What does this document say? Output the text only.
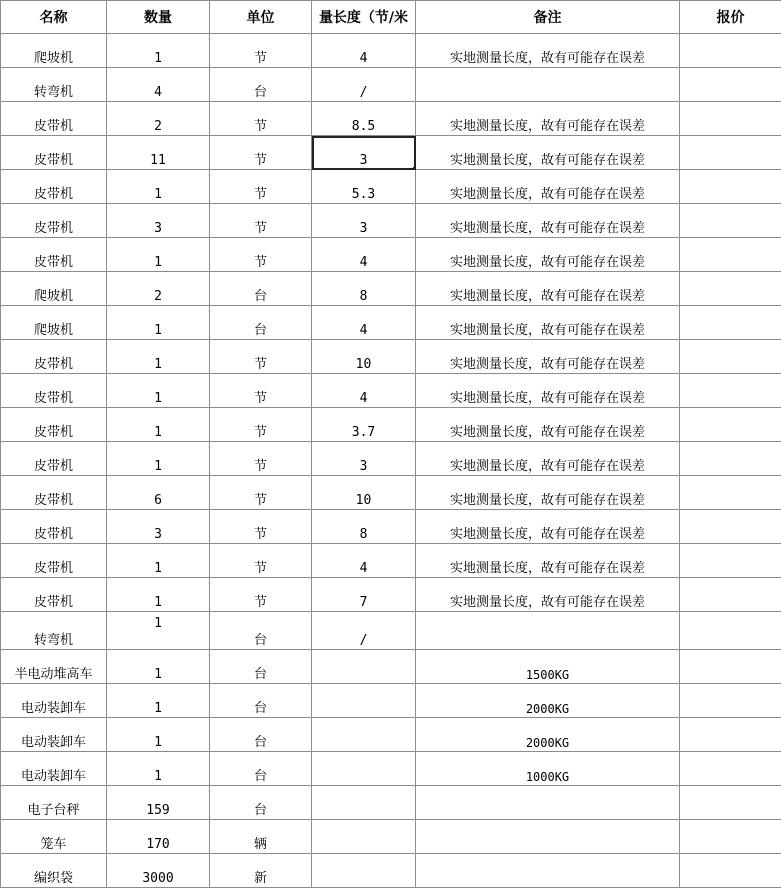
名称	数量	单位	量长度（节/米	备注	报价
爬坡机	1	节	4	实地测量长度，故有可能存在误差	
转弯机	4	台	/		
皮带机	2	节	8.5	实地测量长度，故有可能存在误差	
皮带机	11	节	3	实地测量长度，故有可能存在误差	
皮带机	1	节	5.3	实地测量长度，故有可能存在误差	
皮带机	3	节	3	实地测量长度，故有可能存在误差	
皮带机	1	节	4	实地测量长度，故有可能存在误差	
爬坡机	2	台	8	实地测量长度，故有可能存在误差	
爬坡机	1	台	4	实地测量长度，故有可能存在误差	
皮带机	1	节	10	实地测量长度，故有可能存在误差	
皮带机	1	节	4	实地测量长度，故有可能存在误差	
皮带机	1	节	3.7	实地测量长度，故有可能存在误差	
皮带机	1	节	3	实地测量长度，故有可能存在误差	
皮带机	6	节	10	实地测量长度，故有可能存在误差	
皮带机	3	节	8	实地测量长度，故有可能存在误差	
皮带机	1	节	4	实地测量长度，故有可能存在误差	
皮带机	1	节	7	实地测量长度，故有可能存在误差	
转弯机	1	台	/		
半电动堆高车	1	台		1500KG	
电动装卸车	1	台		2000KG	
电动装卸车	1	台		2000KG	
电动装卸车	1	台		1000KG	
电子台秤	159	台			
笼车	170	辆			
编织袋	3000	新			
